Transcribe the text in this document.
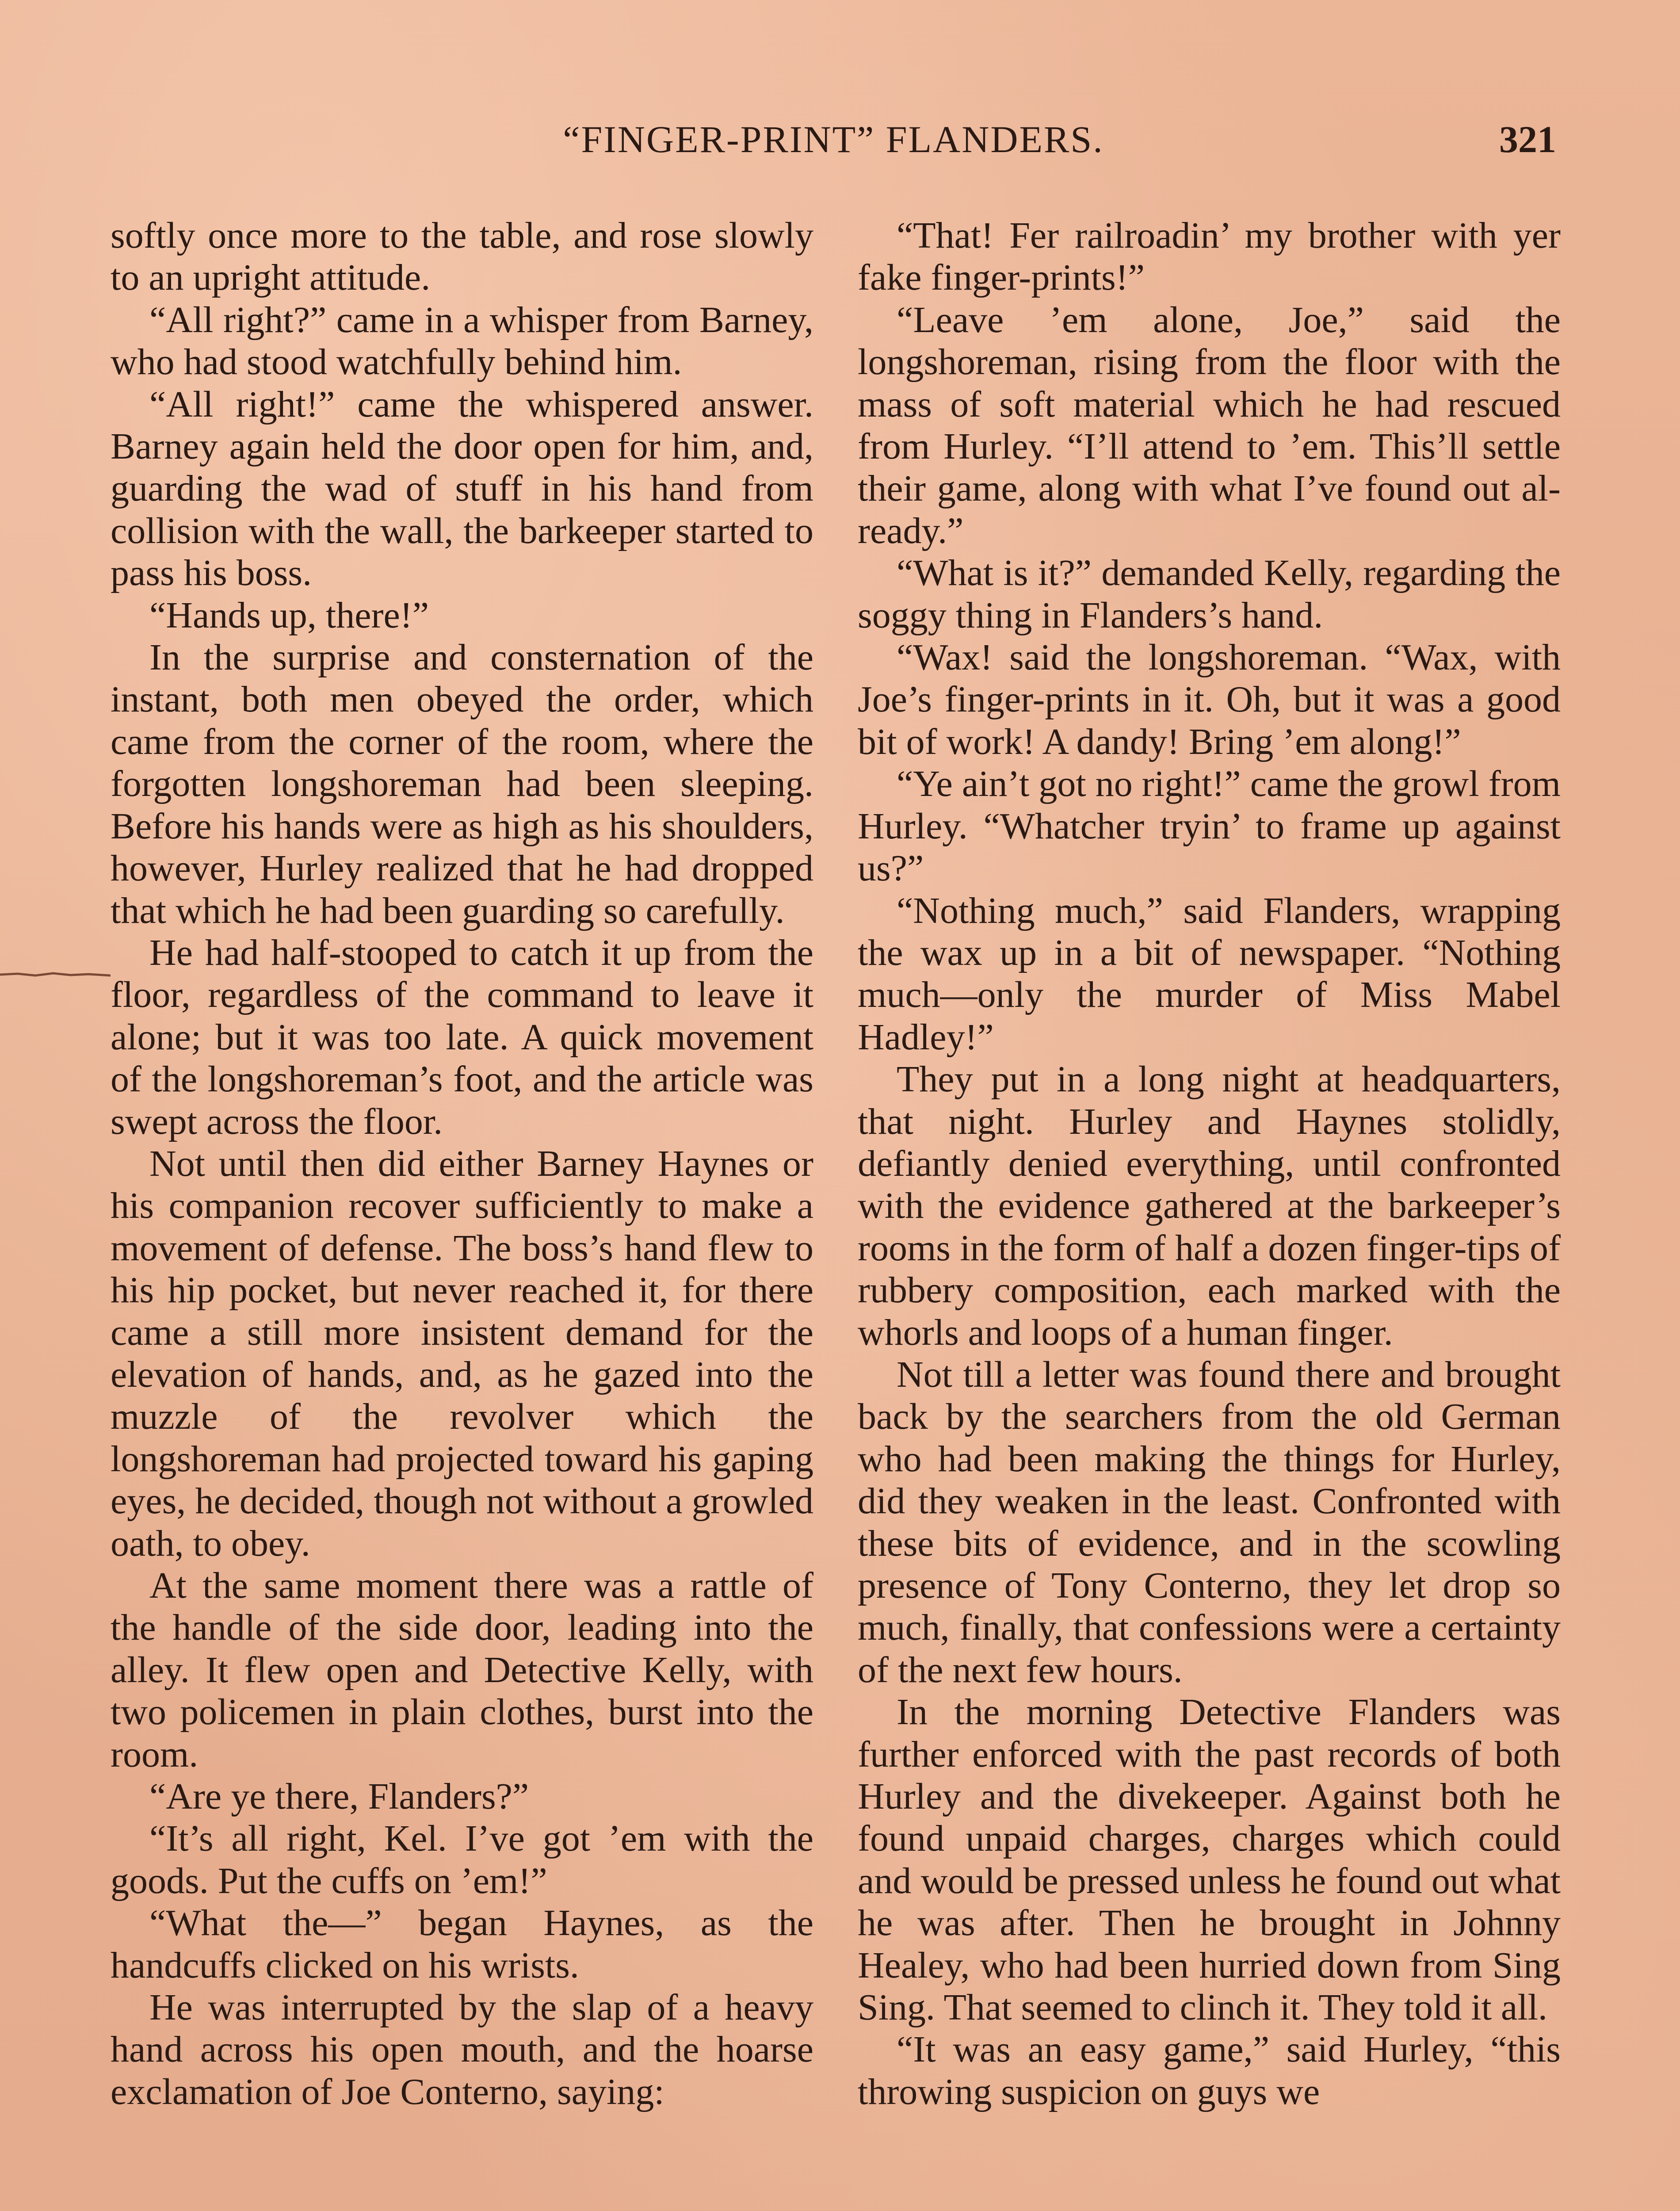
“FINGER-PRINT” FLANDERS.	321

softly once more to the table, and rose slowly to an upright attitude.

“All right?” came in a whisper from Barney, who had stood watchfully behind him.

“All right!” came the whispered answer. Barney again held the door open for him, and, guarding the wad of stuff in his hand from collision with the wall, the barkeeper started to pass his boss.

“Hands up, there!”

In the surprise and consternation of the instant, both men obeyed the order, which came from the corner of the room, where the forgotten longshoreman had been sleeping. Before his hands were as high as his shoulders, however, Hurley realized that he had dropped that which he had been guarding so carefully.

He had half-stooped to catch it up from the floor, regardless of the command to leave it alone; but it was too late. A quick movement of the longshoreman’s foot, and the article was swept across the floor.

Not until then did either Barney Haynes or his companion recover sufficiently to make a movement of defense. The boss’s hand flew to his hip pocket, but never reached it, for there came a still more insistent demand for the elevation of hands, and, as he gazed into the muzzle of the revolver which the longshoreman had projected toward his gaping eyes, he decided, though not without a growled oath, to obey.

At the same moment there was a rattle of the handle of the side door, leading into the alley. It flew open and Detective Kelly, with two policemen in plain clothes, burst into the room.

“Are ye there, Flanders?”

“It’s all right, Kel. I’ve got ’em with the goods. Put the cuffs on ’em!”

“What the—” began Haynes, as the handcuffs clicked on his wrists.

He was interrupted by the slap of a heavy hand across his open mouth, and the hoarse exclamation of Joe Conterno, saying:

“That! Fer railroadin’ my brother with yer fake finger-prints!”

“Leave ’em alone, Joe,” said the longshoreman, rising from the floor with the mass of soft material which he had rescued from Hurley. “I’ll attend to ’em. This’ll settle their game, along with what I’ve found out already.”

“What is it?” demanded Kelly, regarding the soggy thing in Flanders’s hand.

“Wax! said the longshoreman. “Wax, with Joe’s finger-prints in it. Oh, but it was a good bit of work! A dandy! Bring ’em along!”

“Ye ain’t got no right!” came the growl from Hurley. “Whatcher tryin’ to frame up against us?”

“Nothing much,” said Flanders, wrapping the wax up in a bit of newspaper. “Nothing much—only the murder of Miss Mabel Hadley!”

They put in a long night at headquarters, that night. Hurley and Haynes stolidly, defiantly denied everything, until confronted with the evidence gathered at the barkeeper’s rooms in the form of half a dozen finger-tips of rubbery composition, each marked with the whorls and loops of a human finger.

Not till a letter was found there and brought back by the searchers from the old German who had been making the things for Hurley, did they weaken in the least. Confronted with these bits of evidence, and in the scowling presence of Tony Conterno, they let drop so much, finally, that confessions were a certainty of the next few hours.

In the morning Detective Flanders was further enforced with the past records of both Hurley and the divekeeper. Against both he found unpaid charges, charges which could and would be pressed unless he found out what he was after. Then he brought in Johnny Healey, who had been hurried down from Sing Sing. That seemed to clinch it. They told it all.

“It was an easy game,” said Hurley, “this throwing suspicion on guys we
